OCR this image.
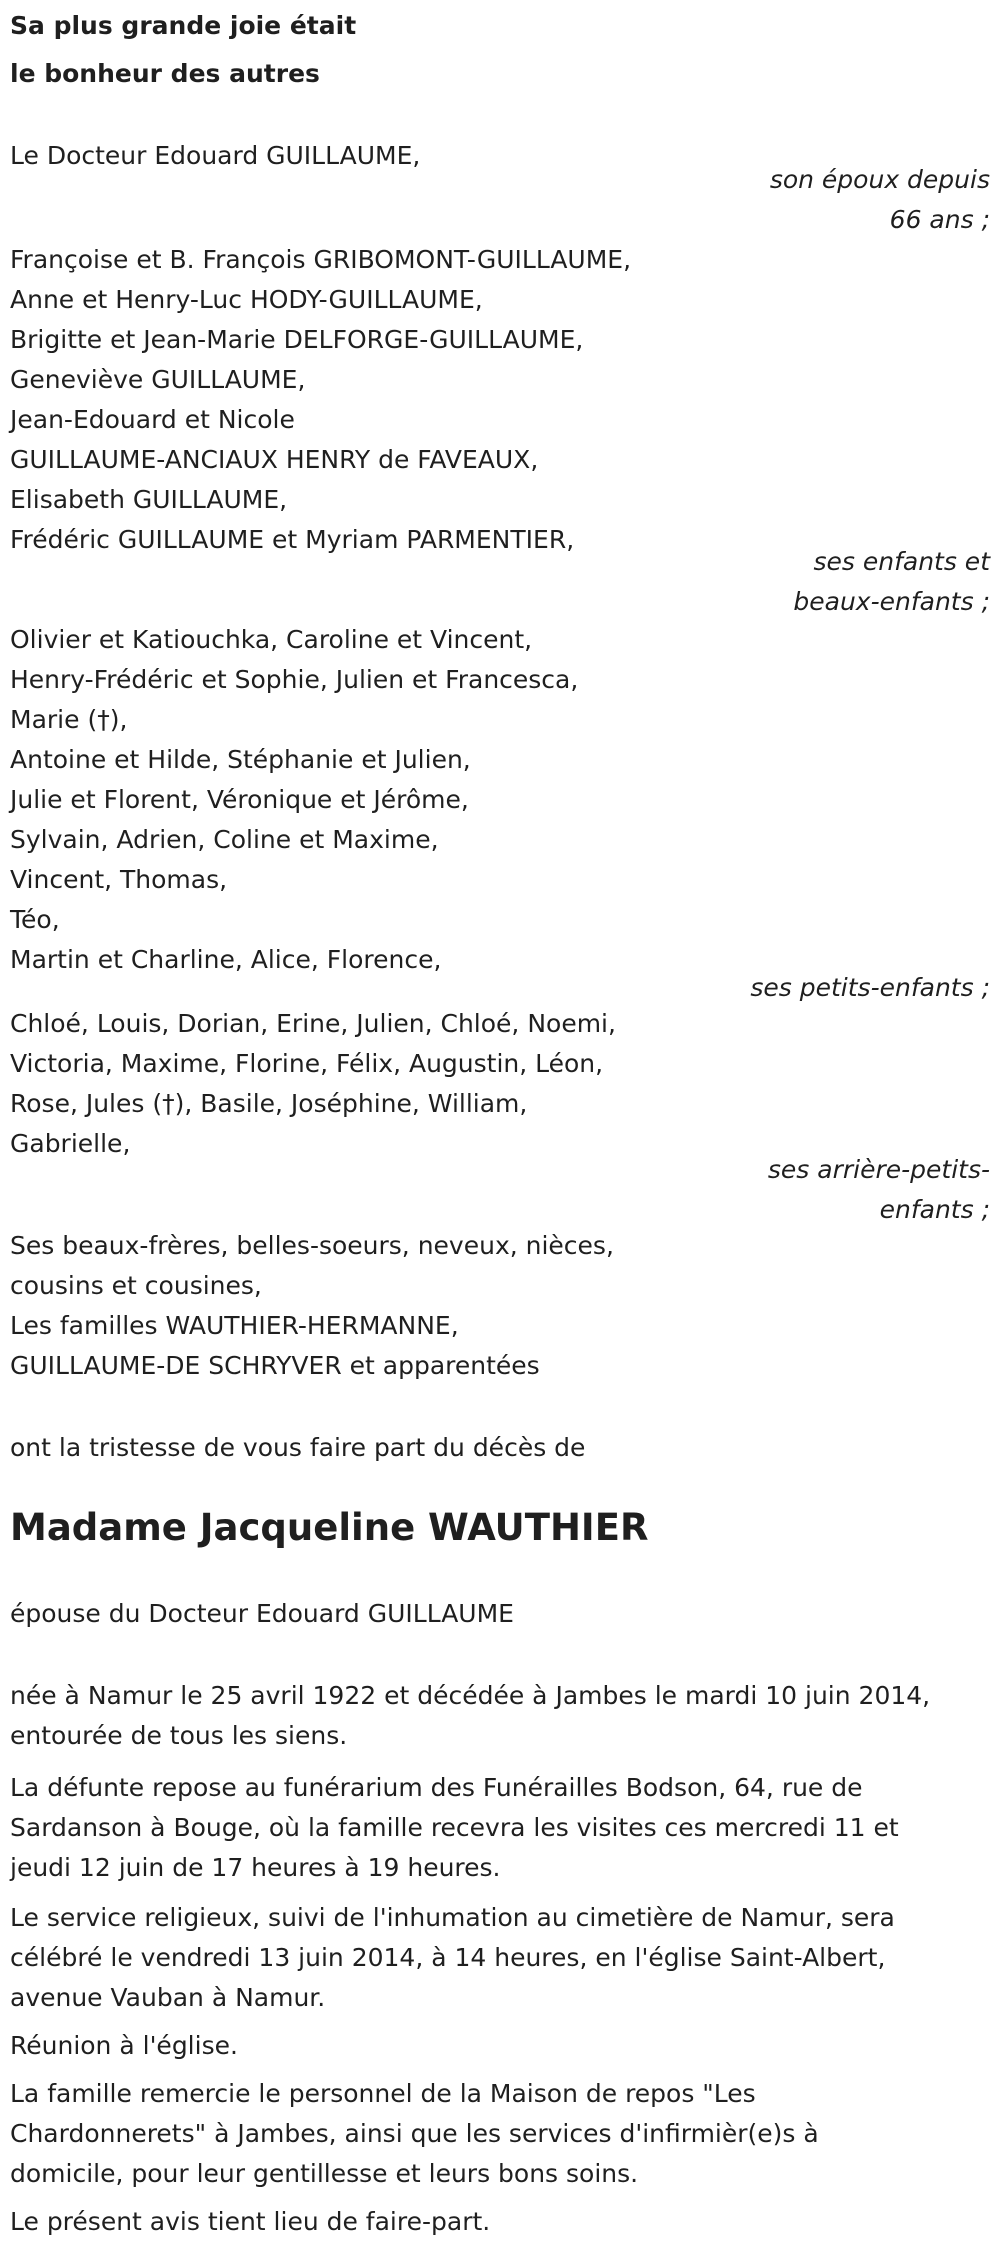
Sa plus grande joie était
le bonheur des autres
Le Docteur Edouard GUILLAUME,
son époux depuis
66 ans ;
Françoise et B. François GRIBOMONT-GUILLAUME,
Anne et Henry-Luc HODY-GUILLAUME,
Brigitte et Jean-Marie DELFORGE-GUILLAUME,
Geneviève GUILLAUME,
Jean-Edouard et Nicole
GUILLAUME-ANCIAUX HENRY de FAVEAUX,
Elisabeth GUILLAUME,
Frédéric GUILLAUME et Myriam PARMENTIER,
ses enfants et
beaux-enfants ;
Olivier et Katiouchka, Caroline et Vincent,
Henry-Frédéric et Sophie, Julien et Francesca,
Marie (†),
Antoine et Hilde, Stéphanie et Julien,
Julie et Florent, Véronique et Jérôme,
Sylvain, Adrien, Coline et Maxime,
Vincent, Thomas,
Téo,
Martin et Charline, Alice, Florence,
ses petits-enfants ;
Chloé, Louis, Dorian, Erine, Julien, Chloé, Noemi,
Victoria, Maxime, Florine, Félix, Augustin, Léon,
Rose, Jules (†), Basile, Joséphine, William,
Gabrielle,
ses arrière-petits-
enfants ;
Ses beaux-frères, belles-soeurs, neveux, nièces,
cousins et cousines,
Les familles WAUTHIER-HERMANNE,
GUILLAUME-DE SCHRYVER et apparentées
ont la tristesse de vous faire part du décès de
Madame Jacqueline WAUTHIER
épouse du Docteur Edouard GUILLAUME
née à Namur le 25 avril 1922 et décédée à Jambes le mardi 10 juin 2014,
entourée de tous les siens.
La défunte repose au funérarium des Funérailles Bodson, 64, rue de
Sardanson à Bouge, où la famille recevra les visites ces mercredi 11 et
jeudi 12 juin de 17 heures à 19 heures.
Le service religieux, suivi de l'inhumation au cimetière de Namur, sera
célébré le vendredi 13 juin 2014, à 14 heures, en l'église Saint-Albert,
avenue Vauban à Namur.
Réunion à l'église.
La famille remercie le personnel de la Maison de repos "Les
Chardonnerets" à Jambes, ainsi que les services d'infirmièr(e)s à
domicile, pour leur gentillesse et leurs bons soins.
Le présent avis tient lieu de faire-part.
